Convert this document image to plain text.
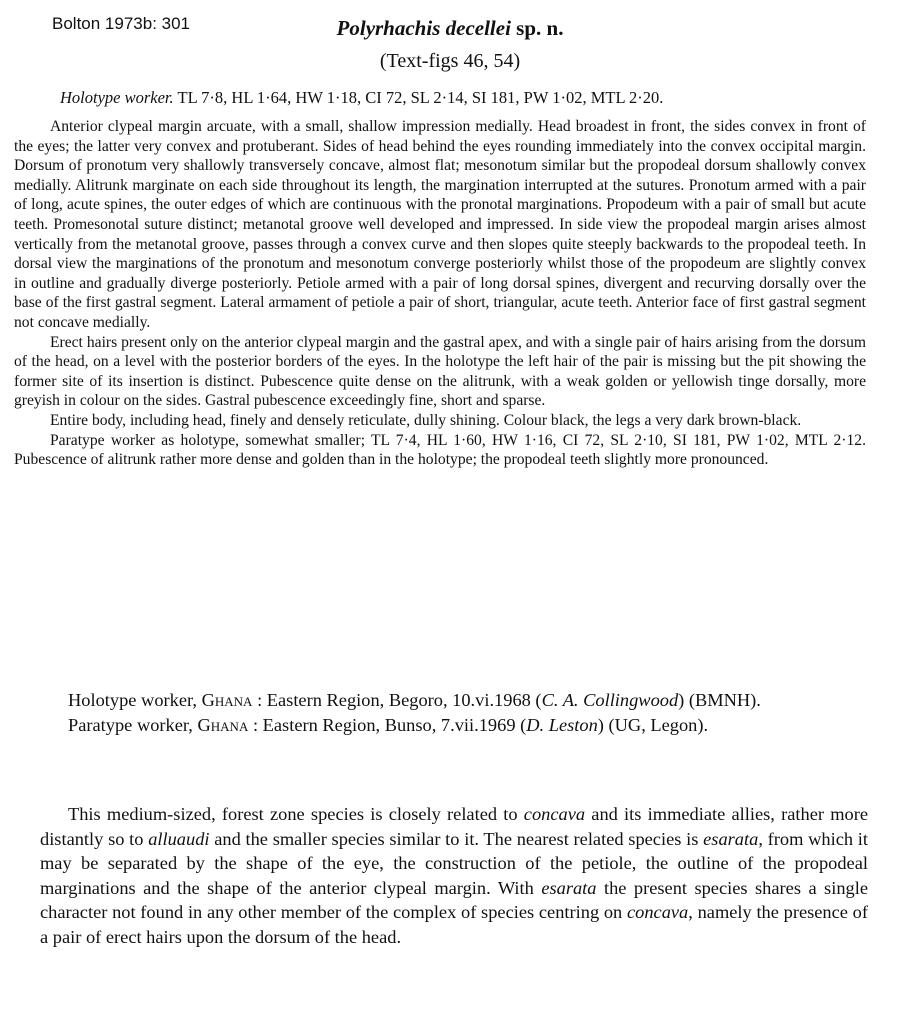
Bolton 1973b: 301	Polyrhachis decellei sp. n.
(Text-figs 46, 54)
Holotype worker. TL 7·8, HL 1·64, HW 1·18, CI 72, SL 2·14, SI 181, PW 1·02, MTL 2·20.

Anterior clypeal margin arcuate, with a small, shallow impression medially. Head broadest in front, the sides convex in front of the eyes; the latter very convex and protuberant. Sides of head behind the eyes rounding immediately into the convex occipital margin. Dorsum of pronotum very shallowly transversely concave, almost flat; mesonotum similar but the propodeal dorsum shallowly convex medially. Alitrunk marginate on each side throughout its length, the margination interrupted at the sutures. Pronotum armed with a pair of long, acute spines, the outer edges of which are continuous with the pronotal marginations. Propodeum with a pair of small but acute teeth. Promesonotal suture distinct; metanotal groove well developed and impressed. In side view the propodeal margin arises almost vertically from the metanotal groove, passes through a convex curve and then slopes quite steeply backwards to the propodeal teeth. In dorsal view the marginations of the pronotum and mesonotum converge posteriorly whilst those of the propodeum are slightly convex in outline and gradually diverge posteriorly. Petiole armed with a pair of long dorsal spines, divergent and recurving dorsally over the base of the first gastral segment. Lateral armament of petiole a pair of short, triangular, acute teeth. Anterior face of first gastral segment not concave medially.

Erect hairs present only on the anterior clypeal margin and the gastral apex, and with a single pair of hairs arising from the dorsum of the head, on a level with the posterior borders of the eyes. In the holotype the left hair of the pair is missing but the pit showing the former site of its insertion is distinct. Pubescence quite dense on the alitrunk, with a weak golden or yellowish tinge dorsally, more greyish in colour on the sides. Gastral pubescence exceedingly fine, short and sparse.

Entire body, including head, finely and densely reticulate, dully shining. Colour black, the legs a very dark brown-black.

Paratype worker as holotype, somewhat smaller; TL 7·4, HL 1·60, HW 1·16, CI 72, SL 2·10, SI 181, PW 1·02, MTL 2·12. Pubescence of alitrunk rather more dense and golden than in the holotype; the propodeal teeth slightly more pronounced.

Holotype worker, Ghana : Eastern Region, Begoro, 10.vi.1968 (C. A. Collingwood) (BMNH).

Paratype worker, Ghana : Eastern Region, Bunso, 7.vii.1969 (D. Leston) (UG, Legon).

This medium-sized, forest zone species is closely related to concava and its immediate allies, rather more distantly so to alluaudi and the smaller species similar to it. The nearest related species is esarata, from which it may be separated by the shape of the eye, the construction of the petiole, the outline of the propodeal marginations and the shape of the anterior clypeal margin. With esarata the present species shares a single character not found in any other member of the complex of species centring on concava, namely the presence of a pair of erect hairs upon the dorsum of the head.
